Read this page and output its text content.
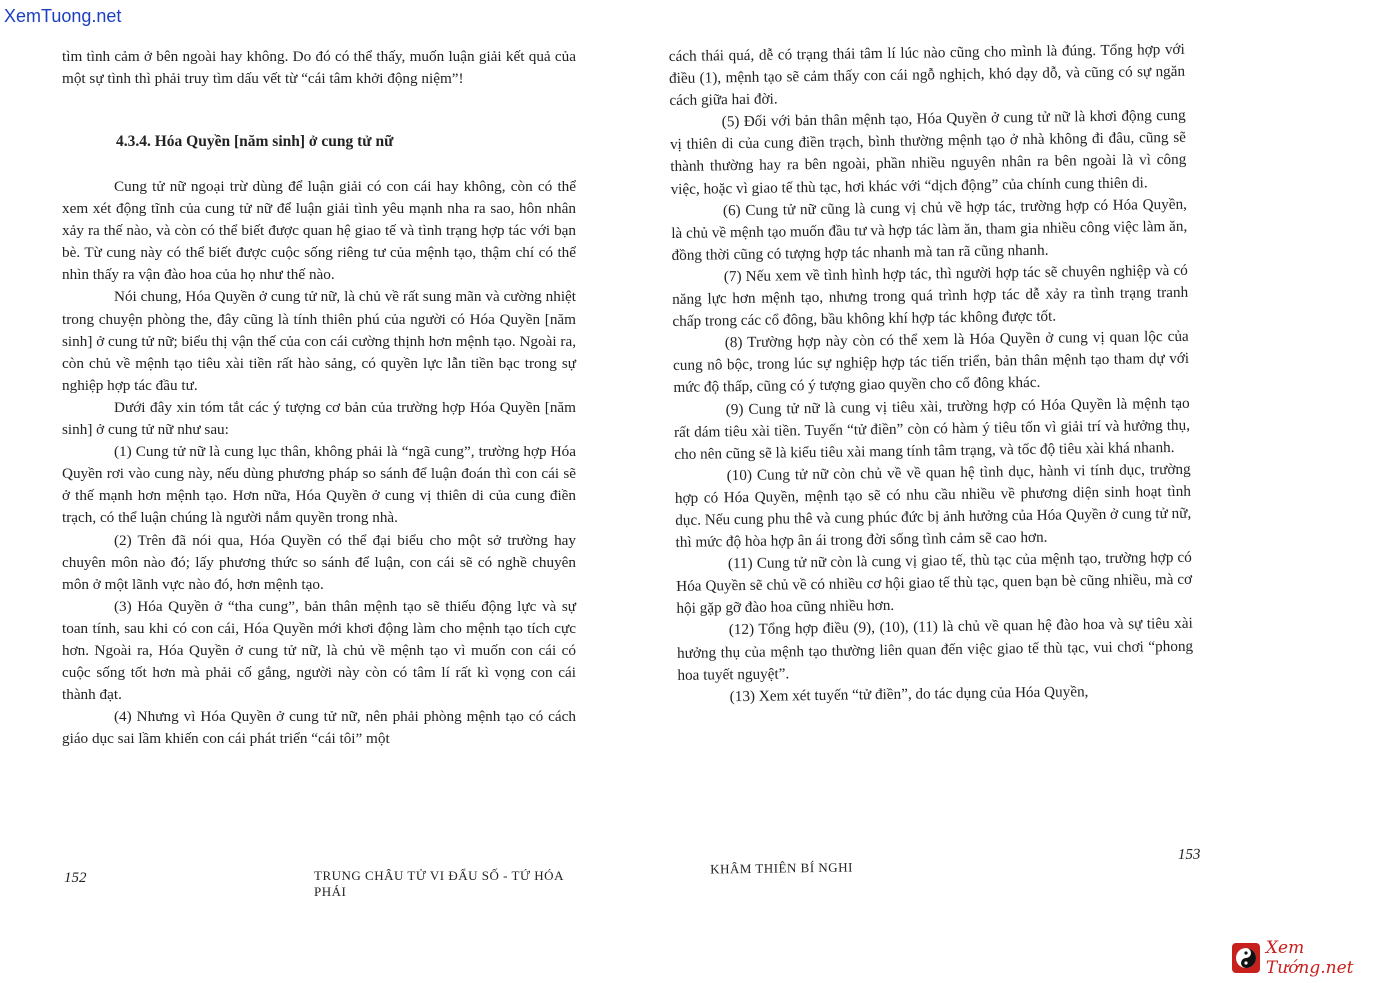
XemTuong.net

tìm tình cảm ở bên ngoài hay không. Do đó có thể thấy, muốn luận giải kết quả của một sự tình thì phải truy tìm dấu vết từ “cái tâm khởi động niệm”!

4.3.4. Hóa Quyền [năm sinh] ở cung tử nữ

Cung tử nữ ngoại trừ dùng để luận giải có con cái hay không, còn có thể xem xét động tĩnh của cung tử nữ để luận giải tình yêu mạnh nha ra sao, hôn nhân xảy ra thế nào, và còn có thể biết được quan hệ giao tế và tình trạng hợp tác với bạn bè. Từ cung này có thể biết được cuộc sống riêng tư của mệnh tạo, thậm chí có thể nhìn thấy ra vận đào hoa của họ như thế nào.

Nói chung, Hóa Quyền ở cung tử nữ, là chủ về rất sung mãn và cường nhiệt trong chuyện phòng the, đây cũng là tính thiên phú của người có Hóa Quyền [năm sinh] ở cung tử nữ; biểu thị vận thế của con cái cường thịnh hơn mệnh tạo. Ngoài ra, còn chủ về mệnh tạo tiêu xài tiền rất hào sảng, có quyền lực lẫn tiền bạc trong sự nghiệp hợp tác đầu tư.

Dưới đây xin tóm tắt các ý tượng cơ bản của trường hợp Hóa Quyền [năm sinh] ở cung tử nữ như sau:

(1) Cung tử nữ là cung lục thân, không phải là “ngã cung”, trường hợp Hóa Quyền rơi vào cung này, nếu dùng phương pháp so sánh để luận đoán thì con cái sẽ ở thế mạnh hơn mệnh tạo. Hơn nữa, Hóa Quyền ở cung vị thiên di của cung điền trạch, có thể luận chúng là người nắm quyền trong nhà.

(2) Trên đã nói qua, Hóa Quyền có thể đại biểu cho một sở trường hay chuyên môn nào đó; lấy phương thức so sánh để luận, con cái sẽ có nghề chuyên môn ở một lãnh vực nào đó, hơn mệnh tạo.

(3) Hóa Quyền ở “tha cung”, bản thân mệnh tạo sẽ thiếu động lực và sự toan tính, sau khi có con cái, Hóa Quyền mới khơi động làm cho mệnh tạo tích cực hơn. Ngoài ra, Hóa Quyền ở cung tử nữ, là chủ về mệnh tạo vì muốn con cái có cuộc sống tốt hơn mà phải cố gắng, người này còn có tâm lí rất kì vọng con cái thành đạt.

(4) Nhưng vì Hóa Quyền ở cung tử nữ, nên phải phòng mệnh tạo có cách giáo dục sai lầm khiến con cái phát triển “cái tôi” một

152	TRUNG CHÂU TỬ VI ĐẨU SỐ - TỨ HÓA PHÁI

cách thái quá, dễ có trạng thái tâm lí lúc nào cũng cho mình là đúng. Tổng hợp với điều (1), mệnh tạo sẽ cảm thấy con cái ngỗ nghịch, khó dạy dỗ, và cũng có sự ngăn cách giữa hai đời.

(5) Đối với bản thân mệnh tạo, Hóa Quyền ở cung tử nữ là khơi động cung vị thiên di của cung điền trạch, bình thường mệnh tạo ở nhà không đi đâu, cũng sẽ thành thường hay ra bên ngoài, phần nhiều nguyên nhân ra bên ngoài là vì công việc, hoặc vì giao tế thù tạc, hơi khác với “dịch động” của chính cung thiên di.

(6) Cung tử nữ cũng là cung vị chủ về hợp tác, trường hợp có Hóa Quyền, là chủ về mệnh tạo muốn đầu tư và hợp tác làm ăn, tham gia nhiều công việc làm ăn, đồng thời cũng có tượng hợp tác nhanh mà tan rã cũng nhanh.

(7) Nếu xem về tình hình hợp tác, thì người hợp tác sẽ chuyên nghiệp và có năng lực hơn mệnh tạo, nhưng trong quá trình hợp tác dễ xảy ra tình trạng tranh chấp trong các cổ đông, bầu không khí hợp tác không được tốt.

(8) Trường hợp này còn có thể xem là Hóa Quyền ở cung vị quan lộc của cung nô bộc, trong lúc sự nghiệp hợp tác tiến triển, bản thân mệnh tạo tham dự với mức độ thấp, cũng có ý tượng giao quyền cho cổ đông khác.

(9) Cung tử nữ là cung vị tiêu xài, trường hợp có Hóa Quyền là mệnh tạo rất dám tiêu xài tiền. Tuyến “tử điền” còn có hàm ý tiêu tốn vì giải trí và hưởng thụ, cho nên cũng sẽ là kiểu tiêu xài mang tính tâm trạng, và tốc độ tiêu xài khá nhanh.

(10) Cung tử nữ còn chủ về về quan hệ tình dục, hành vi tính dục, trường hợp có Hóa Quyền, mệnh tạo sẽ có nhu cầu nhiều về phương diện sinh hoạt tình dục. Nếu cung phu thê và cung phúc đức bị ảnh hưởng của Hóa Quyền ở cung tử nữ, thì mức độ hòa hợp ân ái trong đời sống tình cảm sẽ cao hơn.

(11) Cung tử nữ còn là cung vị giao tế, thù tạc của mệnh tạo, trường hợp có Hóa Quyền sẽ chủ về có nhiều cơ hội giao tế thù tạc, quen bạn bè cũng nhiều, mà cơ hội gặp gỡ đào hoa cũng nhiều hơn.

(12) Tổng hợp điều (9), (10), (11) là chủ về quan hệ đào hoa và sự tiêu xài hưởng thụ của mệnh tạo thường liên quan đến việc giao tế thù tạc, vui chơi “phong hoa tuyết nguyệt”.

(13) Xem xét tuyến “tử điền”, do tác dụng của Hóa Quyền,

KHÂM THIÊN BÍ NGHI
153
Xem Tướng.net
